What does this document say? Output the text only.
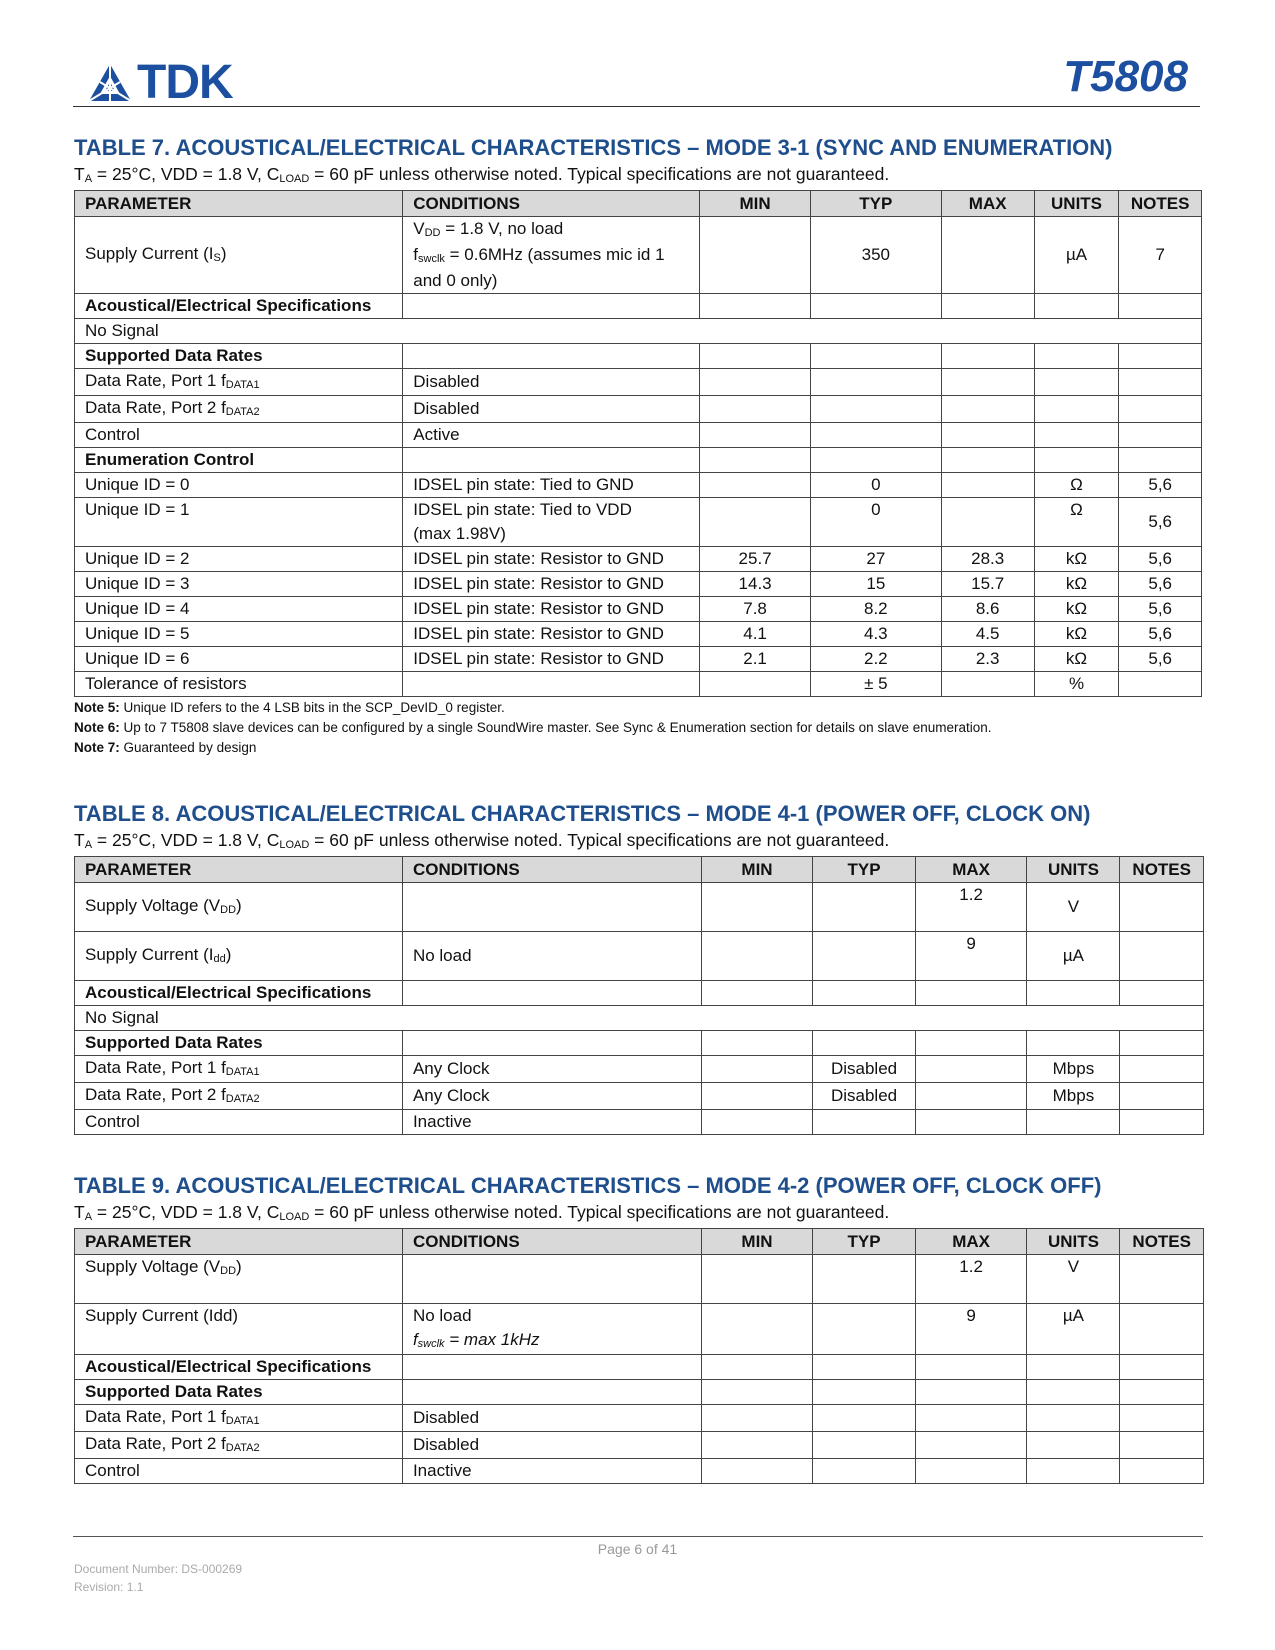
TDK	T5808

TABLE 7. ACOUSTICAL/ELECTRICAL CHARACTERISTICS – MODE 3-1 (SYNC AND ENUMERATION)

$T_A = 25^\circ C$, VDD = 1.8 V, $C_{LOAD} = 60$ pF unless otherwise noted. Typical specifications are not guaranteed.

PARAMETER	CONDITIONS	MIN	TYP	MAX	UNITS	NOTES
Supply Current $(I_S)$	$V_{DD} = 1.8$ V, no load
$f_{swclk} = 0.6MHz$ (assumes mic id 1 and 0 only)		350		µA	7
Acoustical/Electrical Specifications						
No Signal						
Supported Data Rates						
Data Rate, Port 1 $f_{DATA1}$	Disabled					
Data Rate, Port 2 $f_{DATA2}$	Disabled					
Control	Active					
Enumeration Control						
Unique ID = 0	IDSEL pin state: Tied to GND		0		Ω	5,6
Unique ID = 1	IDSEL pin state: Tied to VDD
(max 1.98V)		0		Ω	5,6
Unique ID = 2	IDSEL pin state: Resistor to GND	25.7	27	28.3	kΩ	5,6
Unique ID = 3	IDSEL pin state: Resistor to GND	14.3	15	15.7	kΩ	5,6
Unique ID = 4	IDSEL pin state: Resistor to GND	7.8	8.2	8.6	kΩ	5,6
Unique ID = 5	IDSEL pin state: Resistor to GND	4.1	4.3	4.5	kΩ	5,6
Unique ID = 6	IDSEL pin state: Resistor to GND	2.1	2.2	2.3	kΩ	5,6
Tolerance of resistors			± 5		%	
Note 5: Unique ID refers to the 4 LSB bits in the SCP_DevID_0 register.
Note 6: Up to 7 T5808 slave devices can be configured by a single SoundWire master. See Sync & Enumeration section for details on slave enumeration.
Note 7: Guaranteed by design

TABLE 8. ACOUSTICAL/ELECTRICAL CHARACTERISTICS – MODE 4-1 (POWER OFF, CLOCK ON)

$T_A = 25^\circ C$, VDD = 1.8 V, $C_{LOAD} = 60$ pF unless otherwise noted. Typical specifications are not guaranteed.

PARAMETER	CONDITIONS	MIN	TYP	MAX	UNITS	NOTES
Supply Voltage $(V_{DD})$				1.2	V	
Supply Current $(I_{dd})$	No load			9	µA	
Acoustical/Electrical Specifications						
No Signal						
Supported Data Rates						
Data Rate, Port 1 $f_{DATA1}$	Any Clock		Disabled		Mbps	
Data Rate, Port 2 $f_{DATA2}$	Any Clock		Disabled		Mbps	
Control	Inactive					

TABLE 9. ACOUSTICAL/ELECTRICAL CHARACTERISTICS – MODE 4-2 (POWER OFF, CLOCK OFF)

$T_A = 25^\circ C$, VDD = 1.8 V, $C_{LOAD} = 60$ pF unless otherwise noted. Typical specifications are not guaranteed.

PARAMETER	CONDITIONS	MIN	TYP	MAX	UNITS	NOTES
Supply Voltage $(V_{DD})$				1.2	V	
Supply Current (Idd)	No load
$f_{swclk} = \max 1kHz$			9	µA	
Acoustical/Electrical Specifications						
Supported Data Rates						
Data Rate, Port 1 $f_{DATA1}$	Disabled					
Data Rate, Port 2 $f_{DATA2}$	Disabled					
Control	Inactive					
Page 6 of 41
Document Number: DS-000269
Revision: 1.1
